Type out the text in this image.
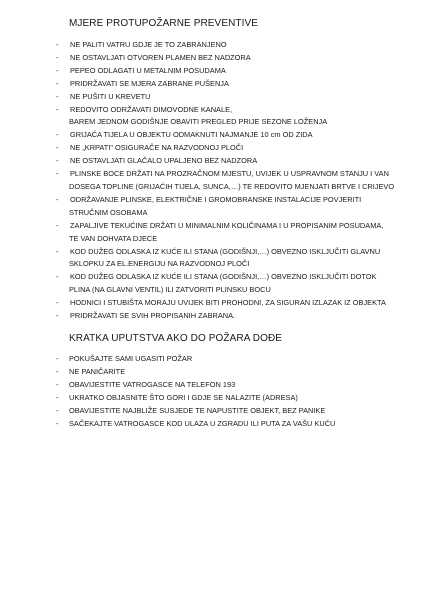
MJERE PROTUPOŽARNE PREVENTIVE
-	NE PALITI VATRU GDJE JE TO ZABRANJENO
-	NE OSTAVLJATI OTVOREN PLAMEN BEZ NADZORA
-	PEPEO ODLAGATI U METALNIM POSUDAMA
-	PRIDRŽAVATI SE MJERA ZABRANE PUŠENJA
-	NE PUŠITI U KREVETU
-	REDOVITO ODRŽAVATI DIMOVODNE KANALE,
BAREM JEDNOM GODIŠNJE OBAVITI PREGLED PRIJE SEZONE LOŽENJA
-	GRIJAĆA TIJELA U OBJEKTU ODMAKNUTI NAJMANJE 10 cm OD ZIDA
-	NE „KRPATI" OSIGURAČE NA RAZVODNOJ PLOČI
-	NE OSTAVLJATI GLAČALO UPALJENO BEZ NADZORA
-	PLINSKE BOCE DRŽATI NA PROZRAČNOM MJESTU, UVIJEK U USPRAVNOM STANJU I VAN
DOSEGA TOPLINE (GRIJAĆIH TIJELA, SUNCA,…) TE REDOVITO MJENJATI BRTVE I CRIJEVO
-	ODRŽAVANJE PLINSKE, ELEKTRIČNE I GROMOBRANSKE INSTALACIJE POVJERITI
STRUČNIM OSOBAMA
-	ZAPALJIVE TEKUĆINE DRŽATI U MINIMALNIM KOLIČINAMA I U PROPISANIM POSUDAMA,
TE VAN DOHVATA DJECE
-	KOD DUŽEG ODLASKA IZ KUĆE ILI STANA (GODIŠNJI,…) OBVEZNO ISKLJUČITI GLAVNU
SKLOPKU ZA EL.ENERGIJU NA RAZVODNOJ PLOČI
-	KOD DUŽEG ODLASKA IZ KUĆE ILI STANA (GODIŠNJI,…) OBVEZNO ISKLJUČITI DOTOK
PLINA (NA GLAVNI VENTIL) ILI ZATVORITI PLINSKU BOCU
-	HODNICI I STUBIŠTA MORAJU UVIJEK BITI PROHODNI, ZA SIGURAN IZLAZAK IZ OBJEKTA
-	PRIDRŽAVATI SE SVIH PROPISANIH ZABRANA.
KRATKA UPUTSTVA AKO DO POŽARA DOĐE
-	POKUŠAJTE SAMI UGASITI POŽAR
-	NE PANIČARITE
-	OBAVIJESTITE VATROGASCE NA TELEFON 193
-	UKRATKO OBJASNITE ŠTO GORI I GDJE SE NALAZITE (ADRESA)
-	OBAVIJESTITE NAJBLIŽE SUSJEDE TE NAPUSTITE OBJEKT, BEZ PANIKE
-	SAČEKAJTE VATROGASCE KOD ULAZA U ZGRADU ILI PUTA ZA VAŠU KUĆU
